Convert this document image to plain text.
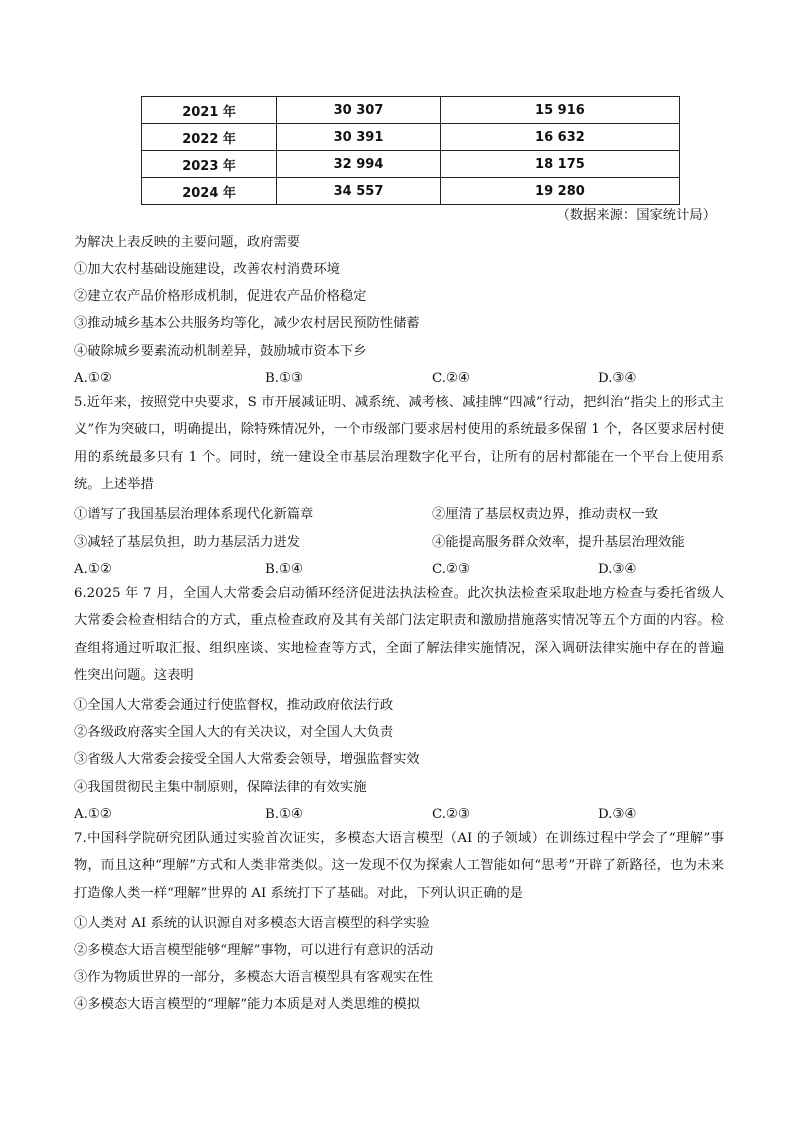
2021 年	30 307	15 916
2022 年	30 391	16 632
2023 年	32 994	18 175
2024 年	34 557	19 280
（数据来源：国家统计局）
为解决上表反映的主要问题，政府需要
①加大农村基础设施建设，改善农村消费环境
②建立农产品价格形成机制，促进农产品价格稳定
③推动城乡基本公共服务均等化，减少农村居民预防性储蓄
④破除城乡要素流动机制差异，鼓励城市资本下乡
A.①②	B.①③	C.②④	D.③④
5.近年来，按照党中央要求，S 市开展减证明、减系统、减考核、减挂牌“四减”行动，把纠治“指尖上的形式主义”作为突破口，明确提出，除特殊情况外，一个市级部门要求居村使用的系统最多保留 1 个，各区要求居村使用的系统最多只有 1 个。同时，统一建设全市基层治理数字化平台，让所有的居村都能在一个平台上使用系统。上述举措
①谱写了我国基层治理体系现代化新篇章	②厘清了基层权责边界，推动责权一致
③减轻了基层负担，助力基层活力迸发	④能提高服务群众效率，提升基层治理效能
A.①②	B.①④	C.②③	D.③④
6.2025 年 7 月，全国人大常委会启动循环经济促进法执法检查。此次执法检查采取赴地方检查与委托省级人大常委会检查相结合的方式，重点检查政府及其有关部门法定职责和激励措施落实情况等五个方面的内容。检查组将通过听取汇报、组织座谈、实地检查等方式，全面了解法律实施情况，深入调研法律实施中存在的普遍性突出问题。这表明
①全国人大常委会通过行使监督权，推动政府依法行政
②各级政府落实全国人大的有关决议，对全国人大负责
③省级人大常委会接受全国人大常委会领导，增强监督实效
④我国贯彻民主集中制原则，保障法律的有效实施
A.①②	B.①④	C.②③	D.③④
7.中国科学院研究团队通过实验首次证实，多模态大语言模型（AI 的子领域）在训练过程中学会了“理解”事物，而且这种“理解”方式和人类非常类似。这一发现不仅为探索人工智能如何“思考”开辟了新路径，也为未来打造像人类一样“理解”世界的 AI 系统打下了基础。对此，下列认识正确的是
①人类对 AI 系统的认识源自对多模态大语言模型的科学实验
②多模态大语言模型能够“理解”事物，可以进行有意识的活动
③作为物质世界的一部分，多模态大语言模型具有客观实在性
④多模态大语言模型的“理解”能力本质是对人类思维的模拟
